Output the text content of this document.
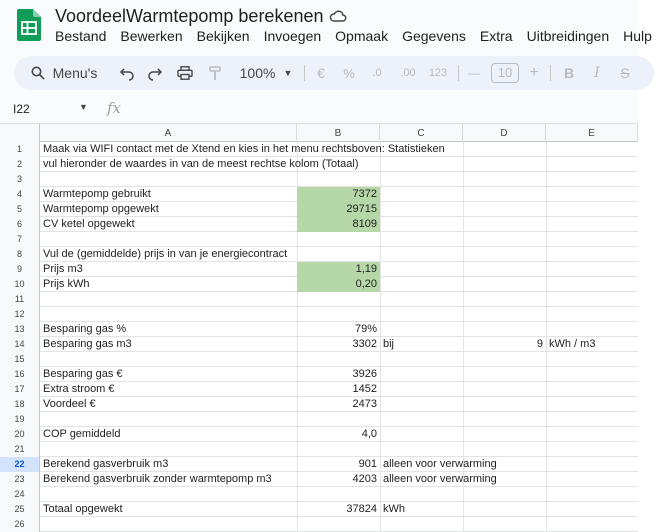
VoordeelWarmtepomp berekenen
Bestand Bewerken Bekijken Invoegen Opmaak Gegevens Extra Uitbreidingen Hulp
Menu's	100% ▼	€	%	.0	.00	123	—	10	+	B	I	S
I22	▼ fx
A	B	C	D	E
1	Maak via WIFI contact met de Xtend en kies in het menu rechtsboven: Statistieken
2	vul hieronder de waardes in van de meest rechtse kolom (Totaal)
3
4	Warmtepomp gebruikt	7372
5	Warmtepomp opgewekt	29715
6	CV ketel opgewekt	8109
7
8	Vul de (gemiddelde) prijs in van je energiecontract
9	Prijs m3	1,19
10	Prijs kWh	0,20
11
12
13	Besparing gas %	79%
14	Besparing gas m3	3302 bij	9 kWh / m3
15
16	Besparing gas €	3926
17	Extra stroom €	1452
18	Voordeel €	2473
19
20	COP gemiddeld	4,0
21
22	Berekend gasverbruik m3	901 alleen voor verwarming
23	Berekend gasverbruik zonder warmtepomp m3	4203 alleen voor verwarming
24
25	Totaal opgewekt	37824 kWh
26
